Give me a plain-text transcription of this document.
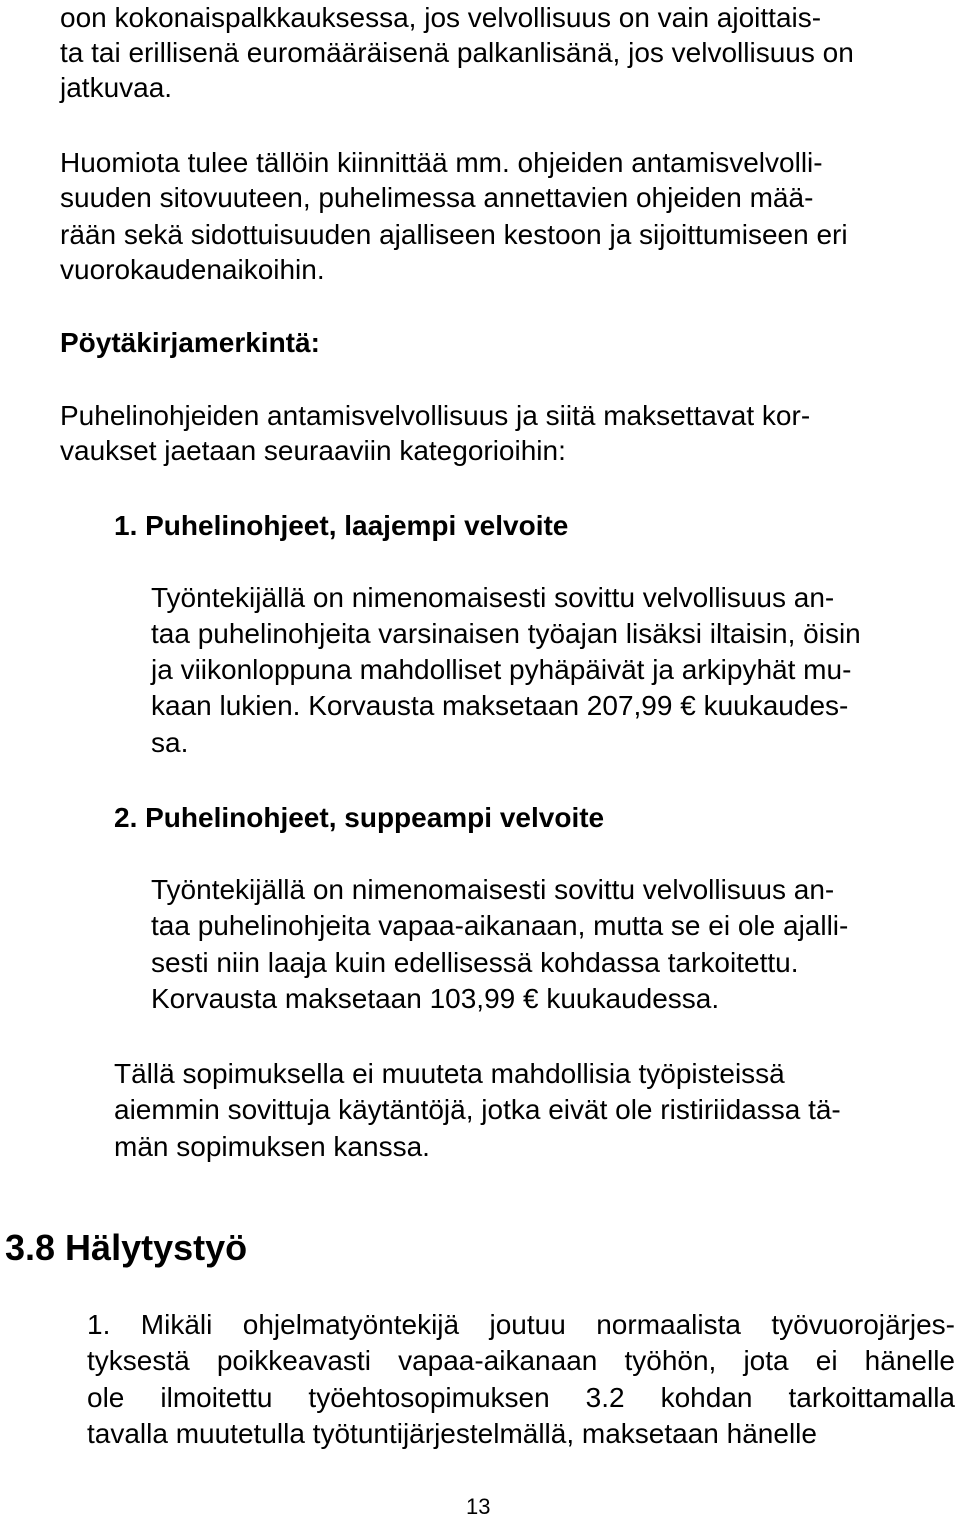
oon kokonaispalkkauksessa, jos velvollisuus on vain ajoittais-
ta tai erillisenä euromääräisenä palkanlisänä, jos velvollisuus on
jatkuvaa.
Huomiota tulee tällöin kiinnittää mm. ohjeiden antamisvelvolli-
suuden sitovuuteen, puhelimessa annettavien ohjeiden mää-
rään sekä sidottuisuuden ajalliseen kestoon ja sijoittumiseen eri
vuorokaudenaikoihin.
Pöytäkirjamerkintä:
Puhelinohjeiden antamisvelvollisuus ja siitä maksettavat kor-
vaukset jaetaan seuraaviin kategorioihin:
1. Puhelinohjeet, laajempi velvoite
Työntekijällä on nimenomaisesti sovittu velvollisuus an-
taa puhelinohjeita varsinaisen työajan lisäksi iltaisin, öisin
ja viikonloppuna mahdolliset pyhäpäivät ja arkipyhät mu-
kaan lukien. Korvausta maksetaan 207,99 € kuukaudes-
sa.
2. Puhelinohjeet, suppeampi velvoite
Työntekijällä on nimenomaisesti sovittu velvollisuus an-
taa puhelinohjeita vapaa-aikanaan, mutta se ei ole ajalli-
sesti niin laaja kuin edellisessä kohdassa tarkoitettu.
Korvausta maksetaan 103,99 € kuukaudessa.
Tällä sopimuksella ei muuteta mahdollisia työpisteissä
aiemmin sovittuja käytäntöjä, jotka eivät ole ristiriidassa tä-
män sopimuksen kanssa.
3.8 Hälytystyö
1. Mikäli ohjelmatyöntekijä joutuu normaalista työvuorojärjes-
tyksestä poikkeavasti vapaa-aikanaan työhön, jota ei hänelle
ole ilmoitettu työehtosopimuksen 3.2 kohdan tarkoittamalla
tavalla muutetulla työtuntijärjestelmällä, maksetaan hänelle
13
